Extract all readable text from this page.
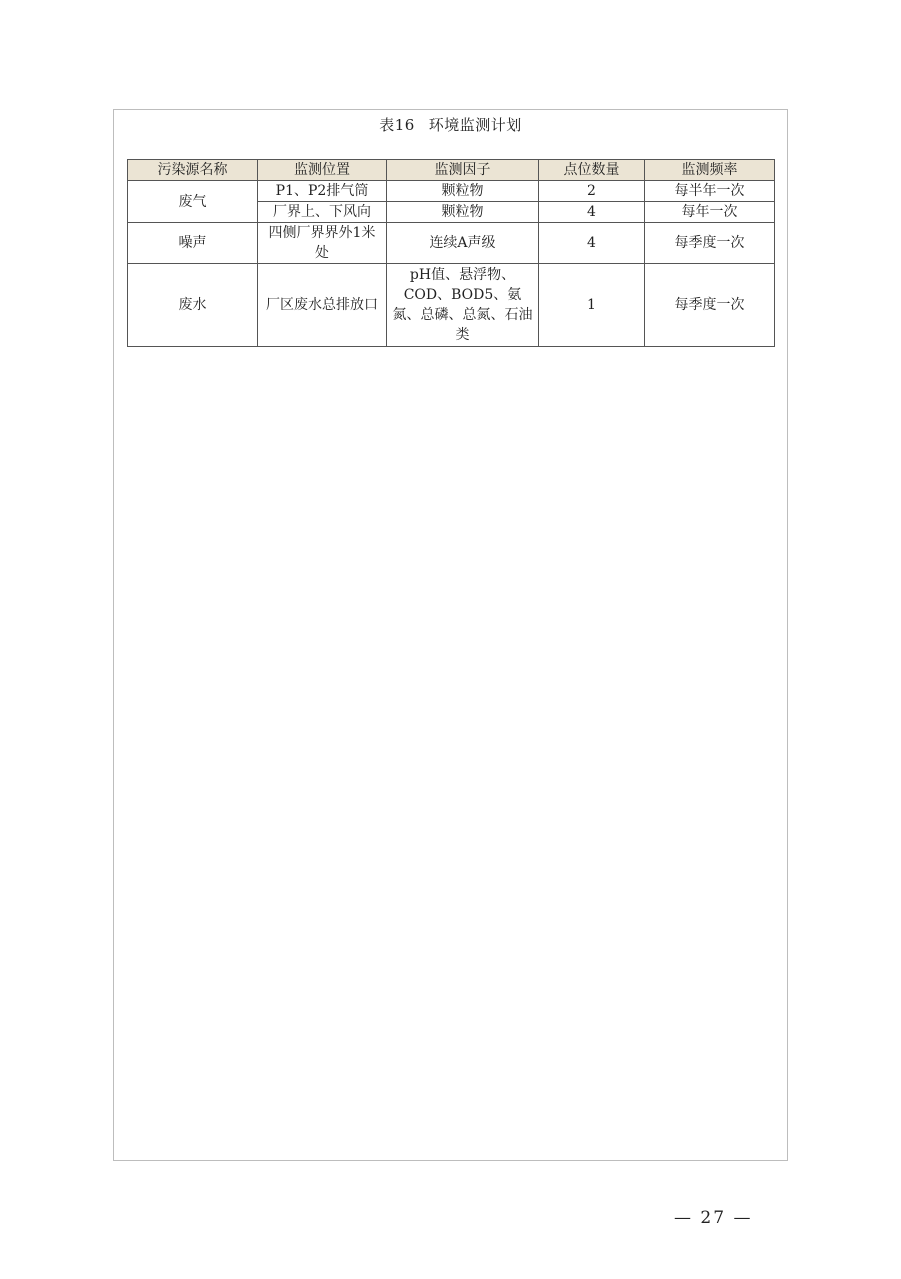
表16 环境监测计划
污染源名称	监测位置	监测因子	点位数量	监测频率
废气	P1、P2排气筒	颗粒物	2	每半年一次
	厂界上、下风向	颗粒物	4	每年一次
噪声	四侧厂界界外1米处	连续A声级	4	每季度一次
废水	厂区废水总排放口	pH值、悬浮物、COD、BOD5、氨氮、总磷、总氮、石油类	1	每季度一次
— 27 —
